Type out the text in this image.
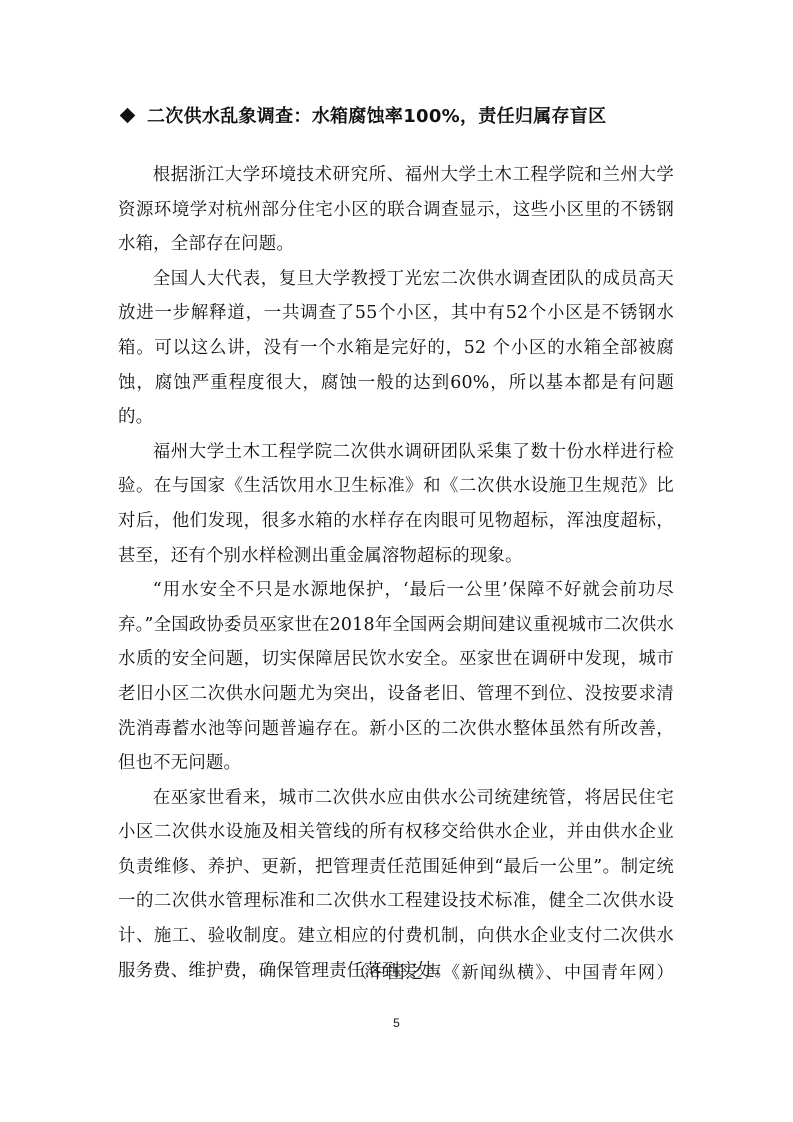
二次供水乱象调查：水箱腐蚀率100%，责任归属存盲区

根据浙江大学环境技术研究所、福州大学土木工程学院和兰州大学资源环境学对杭州部分住宅小区的联合调查显示，这些小区里的不锈钢水箱，全部存在问题。

全国人大代表，复旦大学教授丁光宏二次供水调查团队的成员高天放进一步解释道，一共调查了55个小区，其中有52个小区是不锈钢水箱。可以这么讲，没有一个水箱是完好的，52 个小区的水箱全部被腐蚀，腐蚀严重程度很大，腐蚀一般的达到60%，所以基本都是有问题的。

福州大学土木工程学院二次供水调研团队采集了数十份水样进行检验。在与国家《生活饮用水卫生标准》和《二次供水设施卫生规范》比对后，他们发现，很多水箱的水样存在肉眼可见物超标，浑浊度超标，甚至，还有个别水样检测出重金属溶物超标的现象。

“用水安全不只是水源地保护，‘最后一公里’保障不好就会前功尽弃。”全国政协委员巫家世在2018年全国两会期间建议重视城市二次供水水质的安全问题，切实保障居民饮水安全。巫家世在调研中发现，城市老旧小区二次供水问题尤为突出，设备老旧、管理不到位、没按要求清洗消毒蓄水池等问题普遍存在。新小区的二次供水整体虽然有所改善，但也不无问题。

在巫家世看来，城市二次供水应由供水公司统建统管，将居民住宅小区二次供水设施及相关管线的所有权移交给供水企业，并由供水企业负责维修、养护、更新，把管理责任范围延伸到“最后一公里”。制定统一的二次供水管理标准和二次供水工程建设技术标准，健全二次供水设计、施工、验收制度。建立相应的付费机制，向供水企业支付二次供水服务费、维护费，确保管理责任落到实处。

（中国之声《新闻纵横》、中国青年网）
5
